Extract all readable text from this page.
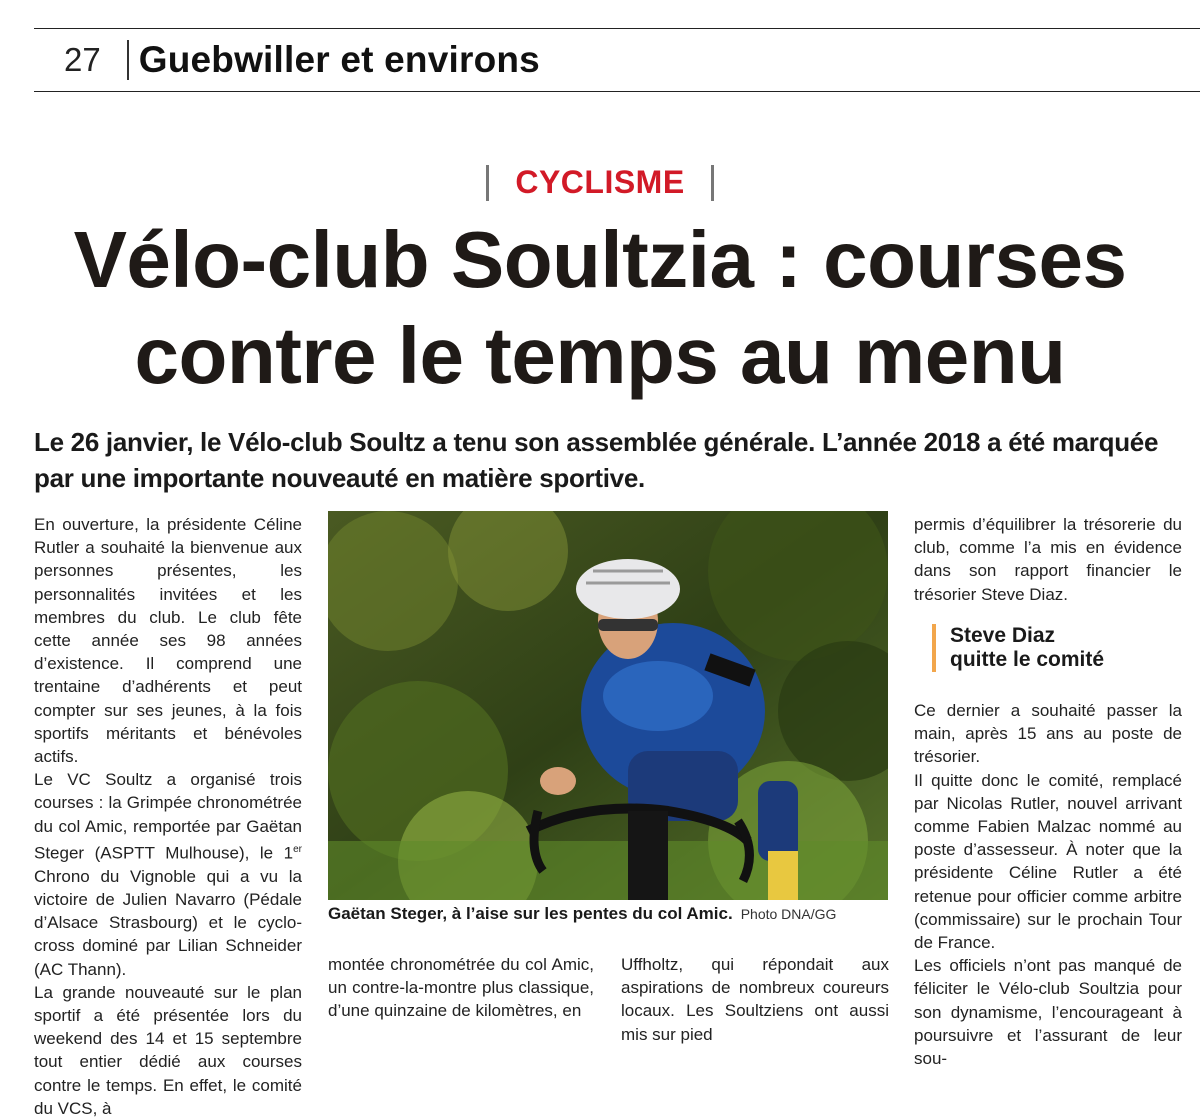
27 Guebwiller et environs
CYCLISME
Vélo-club Soultzia : courses
contre le temps au menu
Le 26 janvier, le Vélo-club Soultz a tenu son assemblée générale. L’année 2018 a été marquée
par une importante nouveauté en matière sportive.

En ouverture, la présidente Céline Rutler a souhaité la bienvenue aux personnes présentes, les personnalités invitées et les membres du club. Le club fête cette année ses 98 années d’existence. Il comprend une trentaine d’adhérents et peut compter sur ses jeunes, à la fois sportifs méritants et bénévoles actifs.

Le VC Soultz a organisé trois courses : la Grimpée chronométrée du col Amic, remportée par Gaëtan Steger (ASPTT Mulhouse), le 1er Chrono du Vignoble qui a vu la victoire de Julien Navarro (Pédale d’Alsace Strasbourg) et le cyclo-cross dominé par Lilian Schneider (AC Thann).

La grande nouveauté sur le plan sportif a été présentée lors du weekend des 14 et 15 septembre tout entier dédié aux courses contre le temps. En effet, le comité du VCS, à

Gaëtan Steger, à l’aise sur les pentes du col Amic. Photo DNA/GG

montée chronométrée du col Amic, un contre-la-montre plus classique, d’une quinzaine de kilomètres, en

Uffholtz, qui répondait aux aspirations de nombreux coureurs locaux. Les Soultziens ont aussi mis sur pied

permis d’équilibrer la trésorerie du club, comme l’a mis en évidence dans son rapport financier le trésorier Steve Diaz.

Steve Diaz
quitte le comité

Ce dernier a souhaité passer la main, après 15 ans au poste de trésorier.

Il quitte donc le comité, remplacé par Nicolas Rutler, nouvel arrivant comme Fabien Malzac nommé au poste d’assesseur. À noter que la présidente Céline Rutler a été retenue pour officier comme arbitre (commissaire) sur le prochain Tour de France.

Les officiels n’ont pas manqué de féliciter le Vélo-club Soultzia pour son dynamisme, l’encourageant à poursuivre et l’assurant de leur sou-
